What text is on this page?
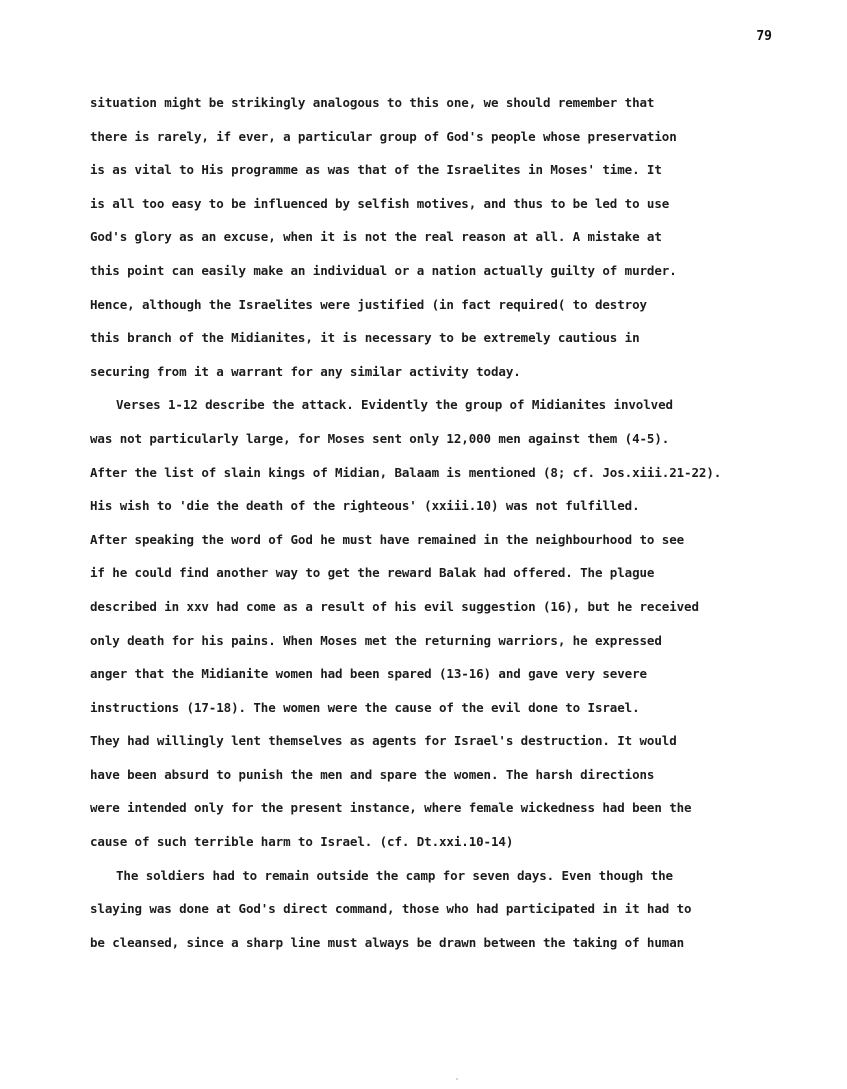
79
situation might be strikingly analogous to this one, we should remember that
there is rarely, if ever, a particular group of God's people whose preservation
is as vital to His programme as was that of the Israelites in Moses' time. It
is all too easy to be influenced by selfish motives, and thus to be led to use
God's glory as an excuse, when it is not the real reason at all. A mistake at
this point can easily make an individual or a nation actually guilty of murder.
Hence, although the Israelites were justified (in fact required( to destroy
this branch of the Midianites, it is necessary to be extremely cautious in
securing from it a warrant for any similar activity today.
Verses 1-12 describe the attack. Evidently the group of Midianites involved
was not particularly large, for Moses sent only 12,000 men against them (4-5).
After the list of slain kings of Midian, Balaam is mentioned (8; cf. Jos.xiii.21-22).
His wish to 'die the death of the righteous' (xxiii.10) was not fulfilled.
After speaking the word of God he must have remained in the neighbourhood to see
if he could find another way to get the reward Balak had offered. The plague
described in xxv had come as a result of his evil suggestion (16), but he received
only death for his pains. When Moses met the returning warriors, he expressed
anger that the Midianite women had been spared (13-16) and gave very severe
instructions (17-18). The women were the cause of the evil done to Israel.
They had willingly lent themselves as agents for Israel's destruction. It would
have been absurd to punish the men and spare the women. The harsh directions
were intended only for the present instance, where female wickedness had been the
cause of such terrible harm to Israel. (cf. Dt.xxi.10-14)
The soldiers had to remain outside the camp for seven days. Even though the
slaying was done at God's direct command, those who had participated in it had to
be cleansed, since a sharp line must always be drawn between the taking of human
